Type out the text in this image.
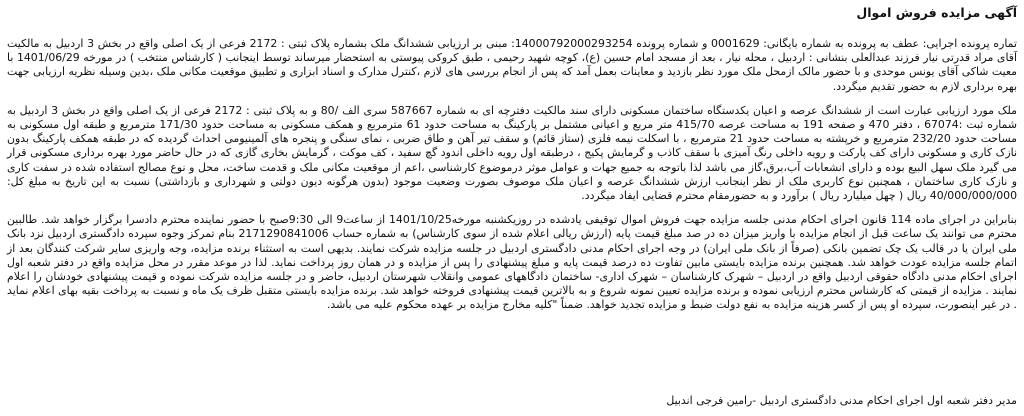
آگهی مزایده فروش اموال

تماره پرونده اجرایی: عطف به پرونده به شماره بایگانی: 0001629 و شماره پرونده 14000792000293254: مبنی بر ارزیابی ششدانگ ملک بشماره پلاک ثبتی : 2172 فرعی از یک اصلی واقع در بخش 3 اردبیل به مالکیت آقای مراد قدرتی نیار فرزند عبدالعلی بنشانی : اردبیل ، محله نیار ، بعد از مسجد امام حسین (ع)، کوچه شهید رحیمی ، طبق کروکی پیوستی به استحضار میرساند توسط اینجانب ( کارشناس منتخب ) در مورخه 1401/06/29 با معیت شاکی آقای یونس موحدی و با حضور مالک ازمحل ملک مورد نظر بازدید و معاینات بعمل آمد که پس از انجام بررسی های لازم ،کنترل مدارک و اسناد ابزاری و تطبیق موقعیت مکانی ملک ،بدین وسیله نظریه ارزیابی جهت بهره برداری لازم به حضور تقدیم میگردد.

ملک مورد ارزیابی عبارت است از ششدانگ عرصه و اعیان یکدستگاه ساختمان مسکونی دارای سند مالکیت دفترچه ای به شماره 587667 سری الف /80 و به پلاک ثبتی : 2172 فرعی از یک اصلی واقع در بخش 3 اردبیل به شماره ثبت :67074 ، دفتر 470 و صفحه 191 به مساحت عرصه 415/70 متر مربع و اعیانی مشتمل بر پارکینگ به مساحت حدود 61 مترمربع و همکف مسکونی به مساحت حدود 171/30 مترمربع و طبقه اول مسکونی به مساحت حدود 232/20 مترمربع و خرپشته به مساحت حدود 21 مترمربع ، با اسکلت نیمه فلزی (ستاز قائم) و سقف تیر آهن و طاق ضربی ، نمای سنگی و پنجره های آلمینیومی احداث گردیده که در طبقه همکف پارکینگ بدون نازک کاری و مسکونی دارای کف پارکت و رویه داخلی رنگ آمیزی با سقف کاذب و گرمایش پکیج ، درطبقه اول رویه داخلی اندود گچ سفید ، کف موکت ، گرمایش بخاری گازی که در حال حاضر مورد بهره برداری مسکونی قرار می گیرد ملک سهل البیع بوده و دارای انشعابات آب،برق،گاز می باشد لذا باتوجه به جمیع جهات و عوامل موثر درموضوع کارشناسی ،اعم از موقعیت مکانی ملک و قدمت ساخت، محل و نوع مصالح استفاده شده در سفت کاری و نازک کاری ساختمان ، همچنین نوع کاربری ملک از نظر اینجانب ارزش ششدانگ عرصه و اعیان ملک موصوف بصورت وضعیت موجود (بدون هرگونه دیون دولتی و شهرداری و بازداشتی) نسبت به این تاریخ به مبلغ کل: 40/000/000/000 ریال ( چهل میلیارد ریال ) برآورد و به حضورمقام محترم قضایی ایفاد میگردد.

بنابراین در اجرای ماده 114 قانون اجرای احکام مدنی جلسه مزایده جهت فروش اموال توقیفی یادشده در روزیکشنبه مورخه1401/10/25 از ساعت9 الی 9:30صبح با حضور نماینده محترم دادسرا برگزار خواهد شد. طالبین محترم می توانند یک ساعت قبل از انجام مزایده با واریز میزان ده در صد مبلغ قیمت پایه (ارزش ریالی اعلام شده از سوی کارشناس) به شماره حساب 2171290841006 بنام تمرکز وجوه سپرده دادگستری اردبیل نزد بانک ملی ایران یا در قالب یک چک تضمین بانکی (صرفاً از بانک ملی ایران) در وجه اجرای احکام مدنی دادگستری اردبیل در جلسه مزایده شرکت نمایند. بدیهی است به استثناء برنده مزایده، وجه واریزی سایر شرکت کنندگان بعد از اتمام جلسه مزایده عودت خواهد شد. همچنین برنده مزایده بایستی مابین تفاوت ده درصد قیمت پایه و مبلغ پیشنهادی را پس از مزایده و در همان روز پرداخت نماید. لذا در موعد مقرر در محل مزایده واقع در دفتر شعبه اول اجرای احکام مدنی دادگاه حقوقی اردبیل واقع در اردبیل – شهرک کارشناسان – شهرک اداری- ساختمان دادگاههای عمومی وانقلاب شهرستان اردبیل، حاضر و در جلسه مزایده شرکت نموده و قیمت پیشنهادی خودشان را اعلام نمایند . مزایده از قیمتی که کارشناس محترم ارزیابی نموده و برنده مزایده تعیین نمونه شروع و به بالاترین قیمت پیشنهادی فروخته خواهد شد. برنده مزایده بایستی متقبل ظرف یک ماه و نسبت به پرداخت بقیه بهای اعلام نماید . در غیر اینصورت، سپرده او پس از کسر هزینه مزایده به نفع دولت ضبط و مزایده تجدید خواهد. ضمناً "کلیه مخارج مزایده بر عهده محکوم علیه می باشد.

مدیر دفتر شعبه اول اجرای احکام مدنی دادگستری اردبیل -رامین فرجی اندبیل
